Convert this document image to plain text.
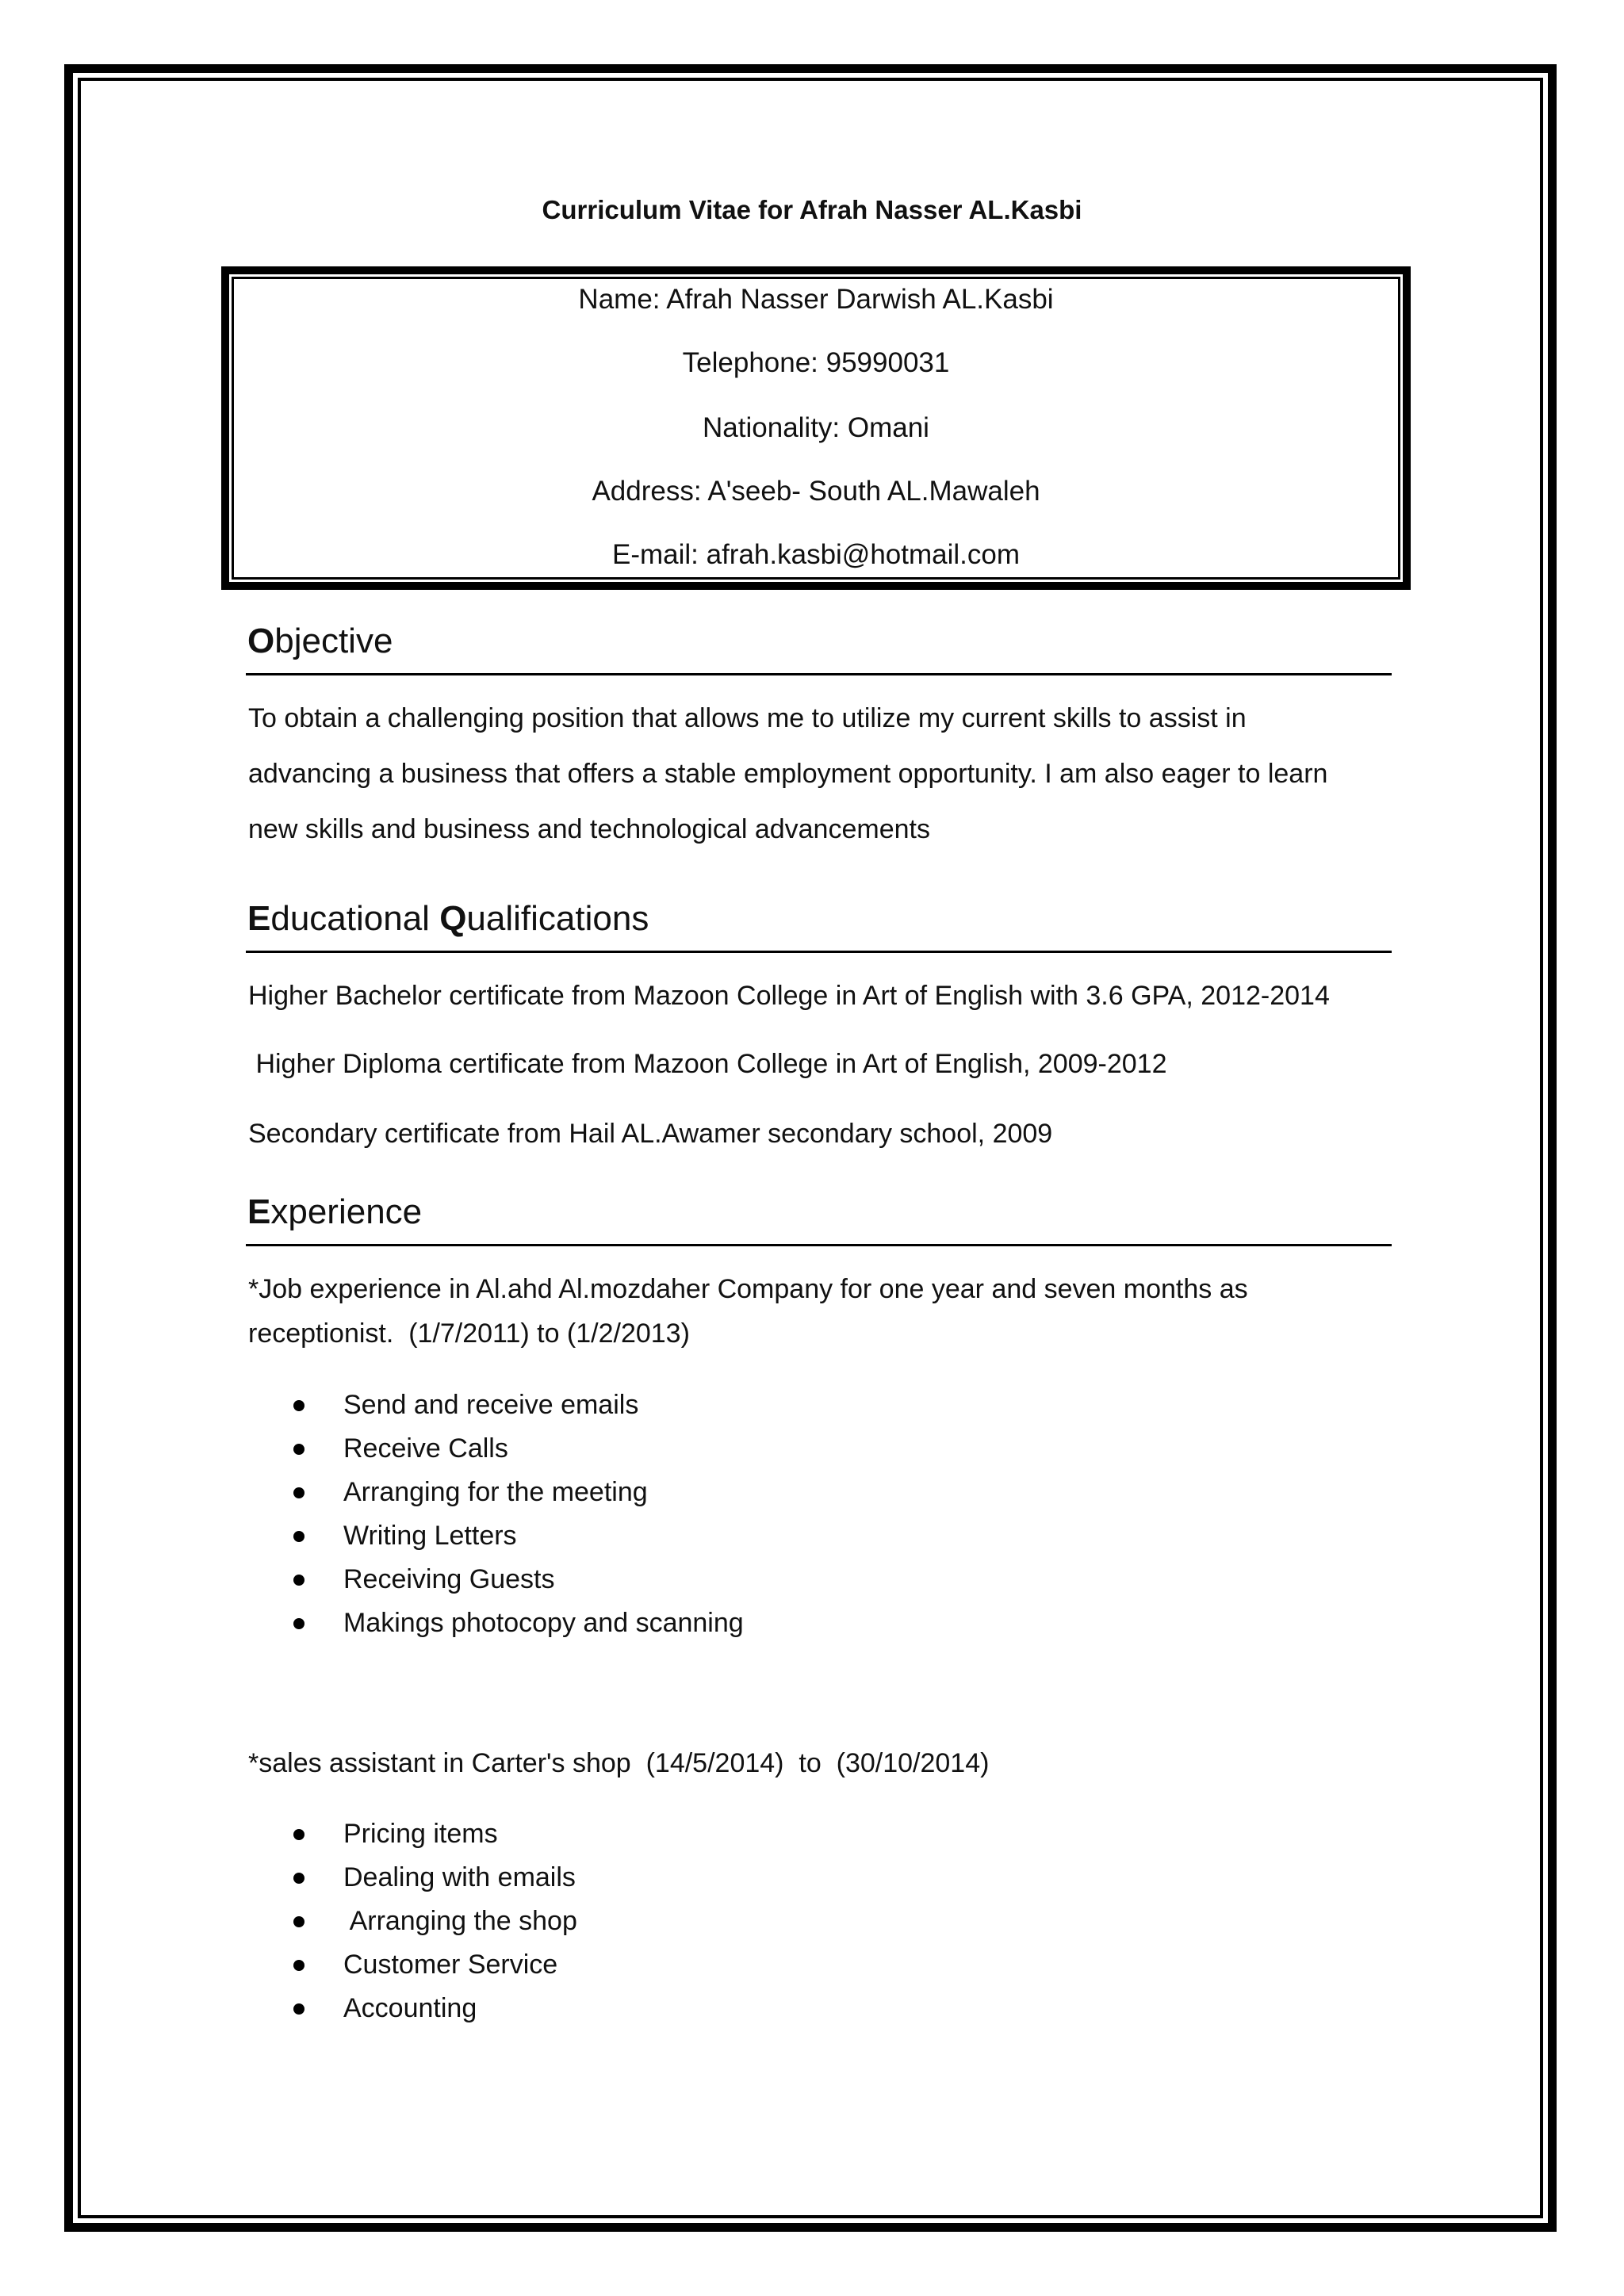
Curriculum Vitae for Afrah Nasser AL.Kasbi
Name: Afrah Nasser Darwish AL.Kasbi
Telephone: 95990031
Nationality: Omani
Address: A'seeb- South AL.Mawaleh
E-mail: afrah.kasbi@hotmail.com
Objective
To obtain a challenging position that allows me to utilize my current skills to assist in
advancing a business that offers a stable employment opportunity. I am also eager to learn
new skills and business and technological advancements
Educational Qualifications
Higher Bachelor certificate from Mazoon College in Art of English with 3.6 GPA, 2012-2014
Higher Diploma certificate from Mazoon College in Art of English, 2009-2012
Secondary certificate from Hail AL.Awamer secondary school, 2009
Experience
*Job experience in Al.ahd Al.mozdaher Company for one year and seven months as
receptionist.  (1/7/2011) to (1/2/2013)
Send and receive emails
Receive Calls
Arranging for the meeting
Writing Letters
Receiving Guests
Makings photocopy and scanning
*sales assistant in Carter's shop  (14/5/2014)  to  (30/10/2014)
Pricing items
Dealing with emails
Arranging the shop
Customer Service
Accounting
